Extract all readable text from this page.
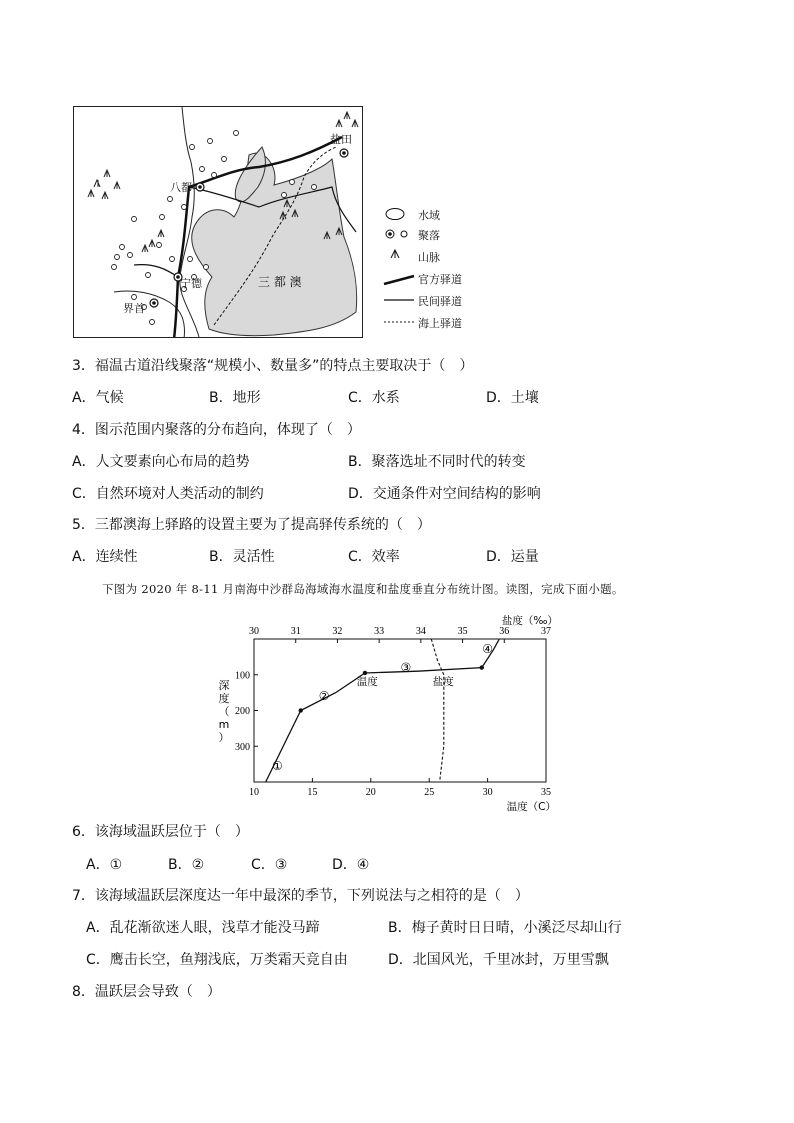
盐田
八都
宁德
界首
三 都 澳
水域
聚落
山脉
官方驿道
民间驿道
海上驿道
3．福温古道沿线聚落“规模小、数量多”的特点主要取决于（　）
A．气候	B．地形	C．水系	D．土壤
4．图示范围内聚落的分布趋向，体现了（　）
A．人文要素向心布局的趋势	B．聚落选址不同时代的转变
C．自然环境对人类活动的制约	D．交通条件对空间结构的影响
5．三都澳海上驿路的设置主要为了提高驿传系统的（　）
A．连续性	B．灵活性	C．效率	D．运量
下图为 2020 年 8-11 月南海中沙群岛海域海水温度和盐度垂直分布统计图。读图，完成下面小题。
10	15	20	25	30	35
30	31	32	33	34	35	36	37
100
200
300
温度（C）
盐度（‰）
深
度
（
m
）
温度	盐度
①
②
③
④
6．该海域温跃层位于（　）
A．①	B．②	C．③	D．④
7．该海域温跃层深度达一年中最深的季节，下列说法与之相符的是（　）
A．乱花渐欲迷人眼，浅草才能没马蹄	B．梅子黄时日日晴，小溪泛尽却山行
C．鹰击长空，鱼翔浅底，万类霜天竞自由	D．北国风光，千里冰封，万里雪飘
8．温跃层会导致（　）
